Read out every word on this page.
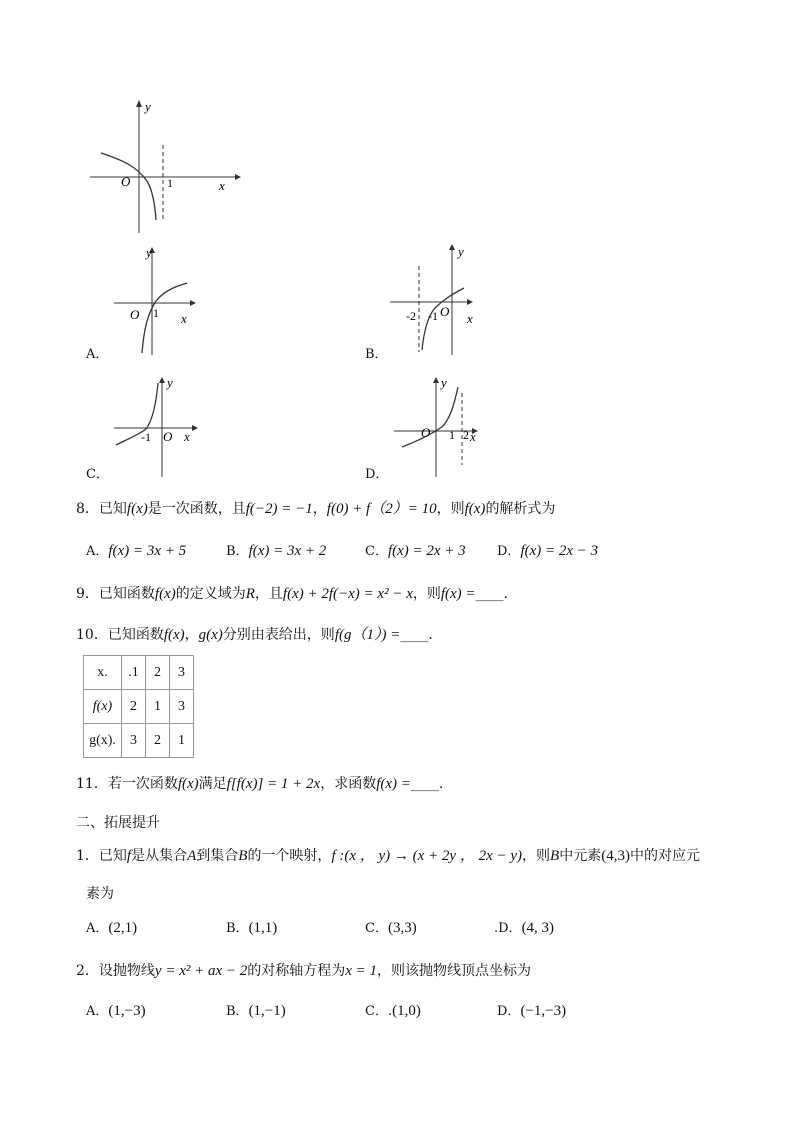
y
O	1	x
y
O 1 x
A．
y
-2 -1 O x
B．
y
-1 O x
C．
y
O 1 2 x
D．
8．已知f(x)是一次函数，且f(−2) = −1，f(0) + f（2）= 10，则f(x)的解析式为
A．f(x) = 3x + 5	B．f(x) = 3x + 2	C．f(x) = 2x + 3 D．f(x) = 2x − 3
9．已知函数f(x)的定义域为R，且f(x) + 2f(−x) = x² − x，则f(x) =____.
10．已知函数f(x)，g(x)分别由表给出，则f(g（1）) =____.
x.	.1	2	3
f(x)	2	1	3
g(x).	3	2	1
11．若一次函数f(x)满足f[f(x)] = 1 + 2x，求函数f(x) =____.
二、拓展提升
1．已知f是从集合A到集合B的一个映射，f :(x ， y) → (x + 2y ， 2x − y)，则B中元素(4,3)中的对应元
素为
A．(2,1)	B．(1,1)	C．(3,3)	.D．(4, 3)
2．设抛物线y = x² + ax − 2的对称轴方程为x = 1，则该抛物线顶点坐标为
A．(1,−3)	B．(1,−1)	C．.(1,0)	D．(−1,−3)
